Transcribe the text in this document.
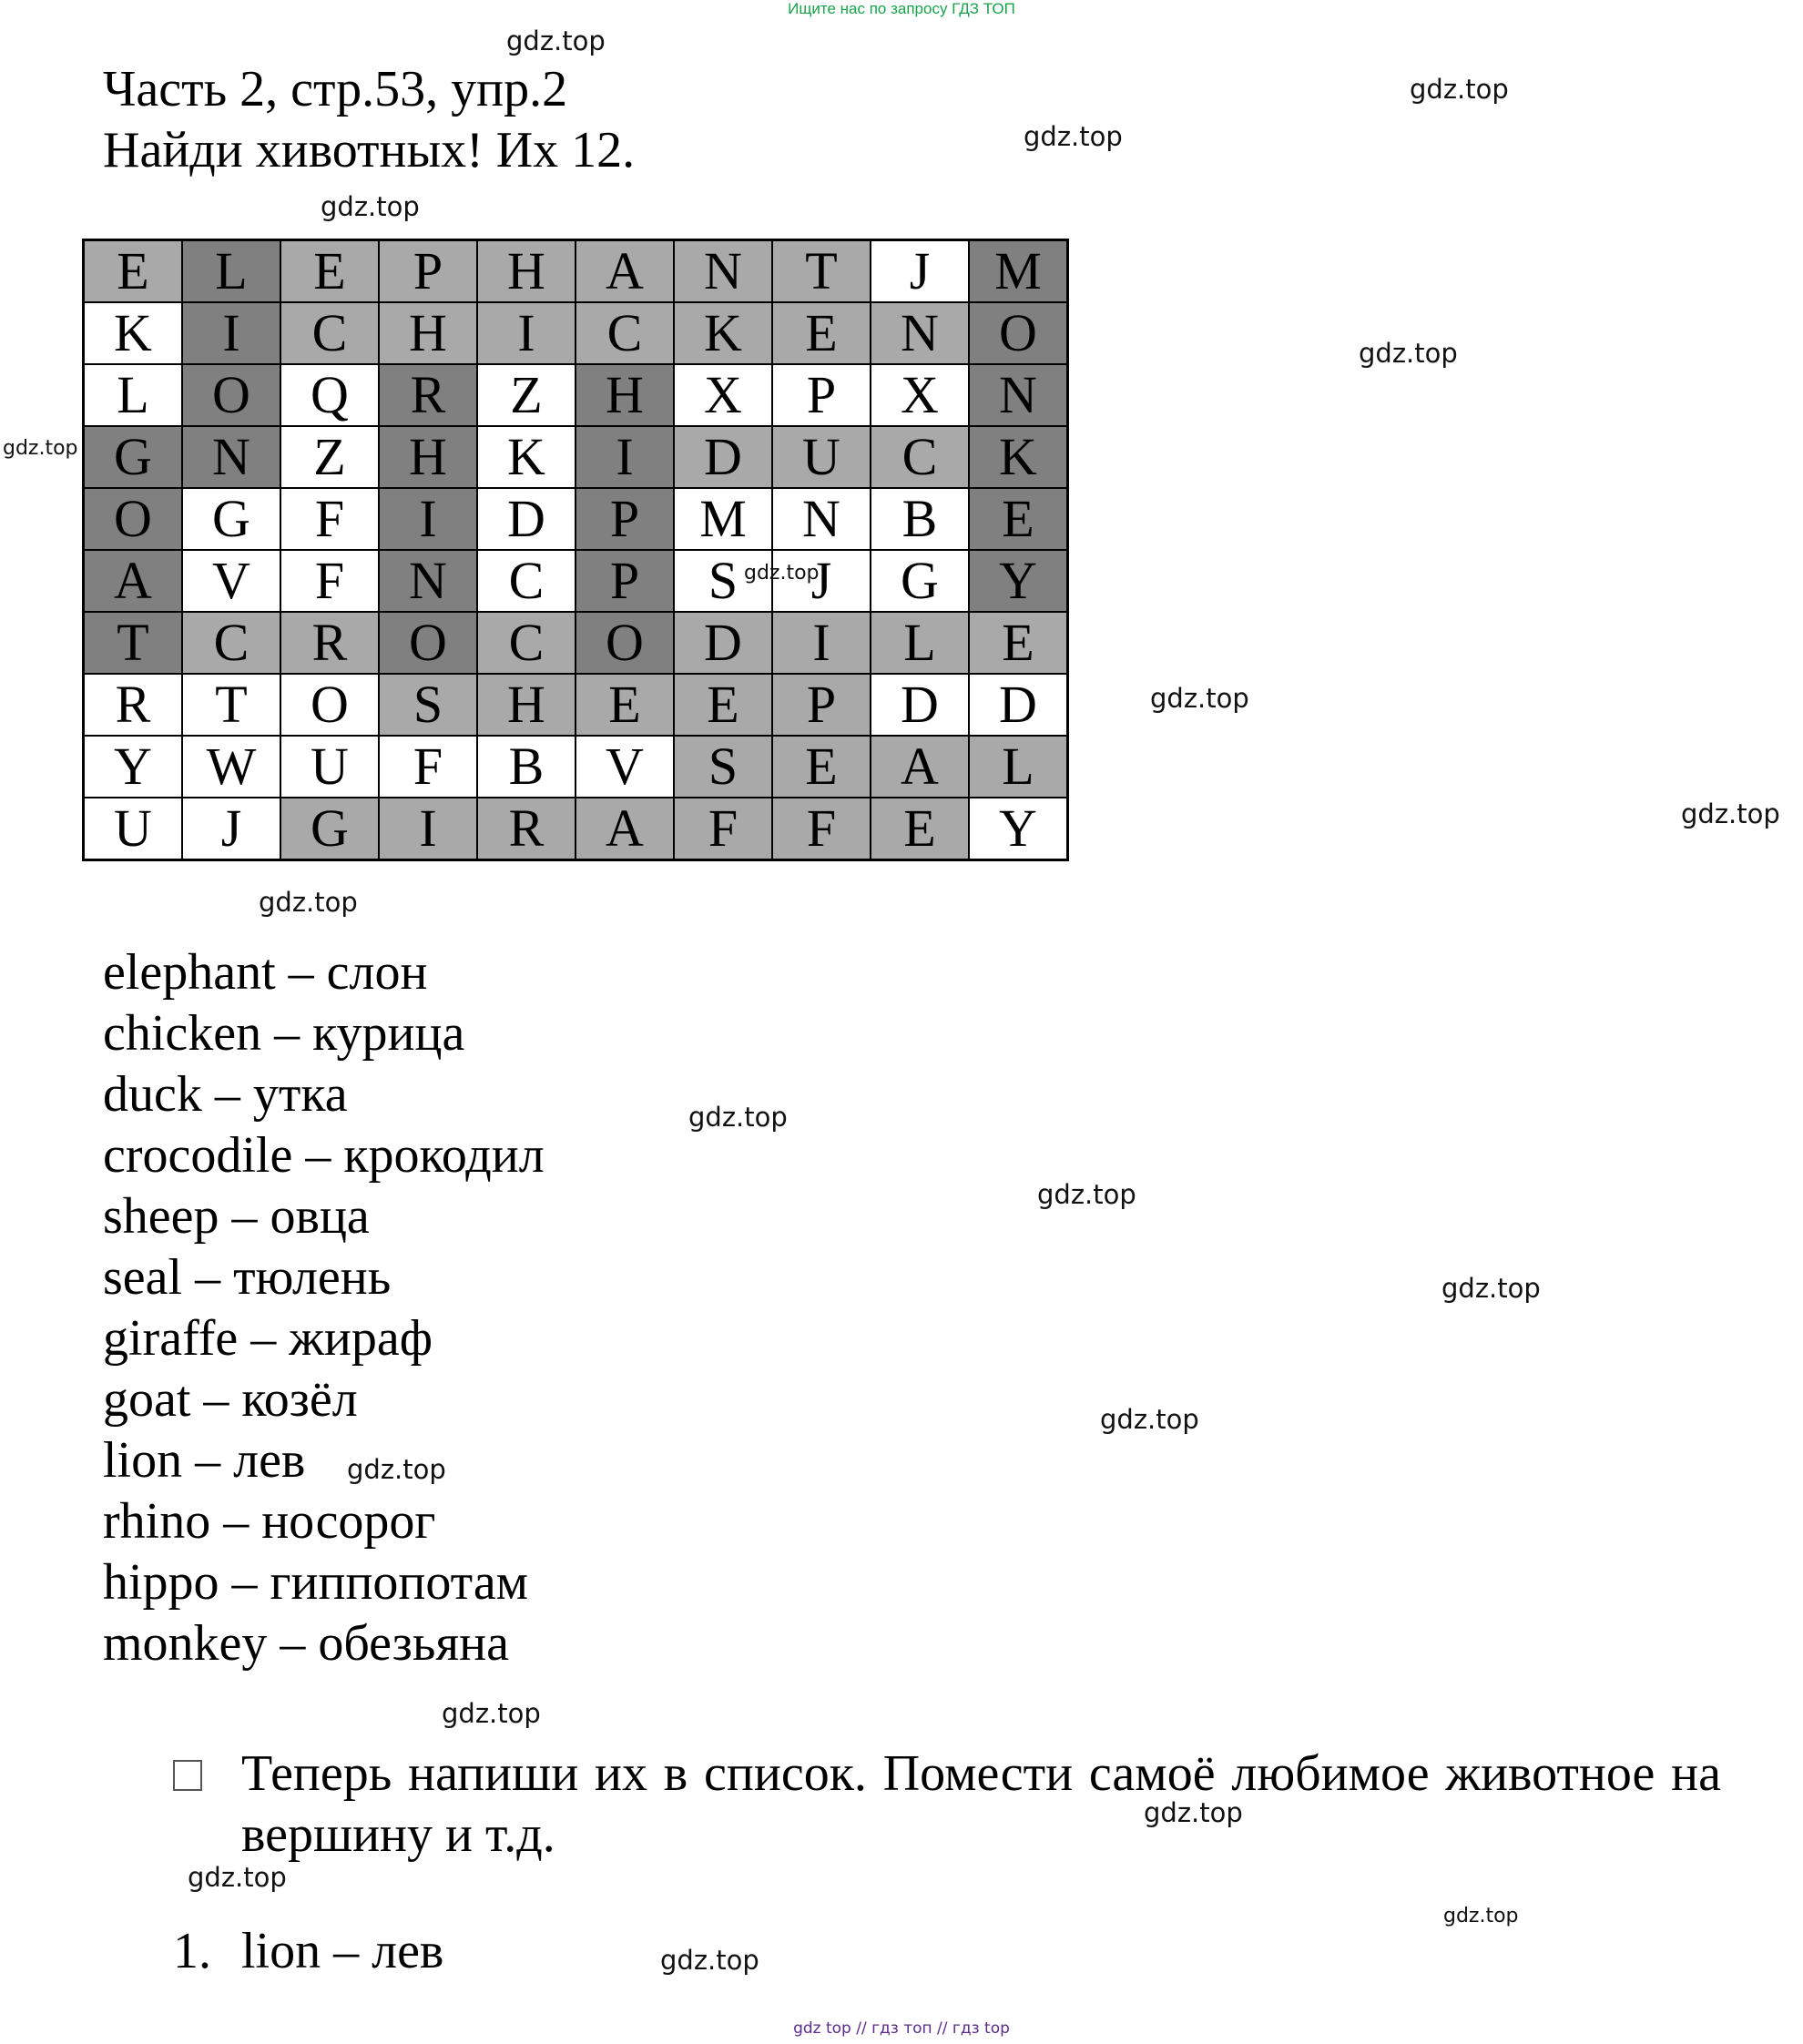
Ищите нас по запросу ГДЗ ТОП
Часть 2, стр.53, упр.2
Найди хивотных! Их 12.
E	L	E	P	H	A	N	T	J	M
K	I	C	H	I	C	K	E	N	O
L	O	Q	R	Z	H	X	P	X	N
G	N	Z	H	K	I	D	U	C	K
O	G	F	I	D	P	M	N	B	E
A	V	F	N	C	P	S	J	G	Y
T	C	R	O	C	O	D	I	L	E
R	T	O	S	H	E	E	P	D	D
Y	W	U	F	B	V	S	E	A	L
U	J	G	I	R	A	F	F	E	Y
elephant – слон
chicken – курица
duck – утка
crocodile – крокодил
sheep – овца
seal – тюлень
giraffe – жираф
goat – козёл
lion – лев
rhino – носорог
hippo – гиппопотам
monkey – обезьяна
Теперь напиши их в список. Помести самоё любимое животное на вершину и т.д.
1. lion – лев
gdz.top
gdz.top
gdz.top
gdz.top
gdz.top
gdz.top
gdz.top
gdz.top
gdz.top
gdz.top
gdz.top
gdz.top
gdz.top
gdz.top
gdz.top
gdz.top
gdz.top
gdz.top
gdz.top
gdz.top
gdz top // гдз топ // гдз top
